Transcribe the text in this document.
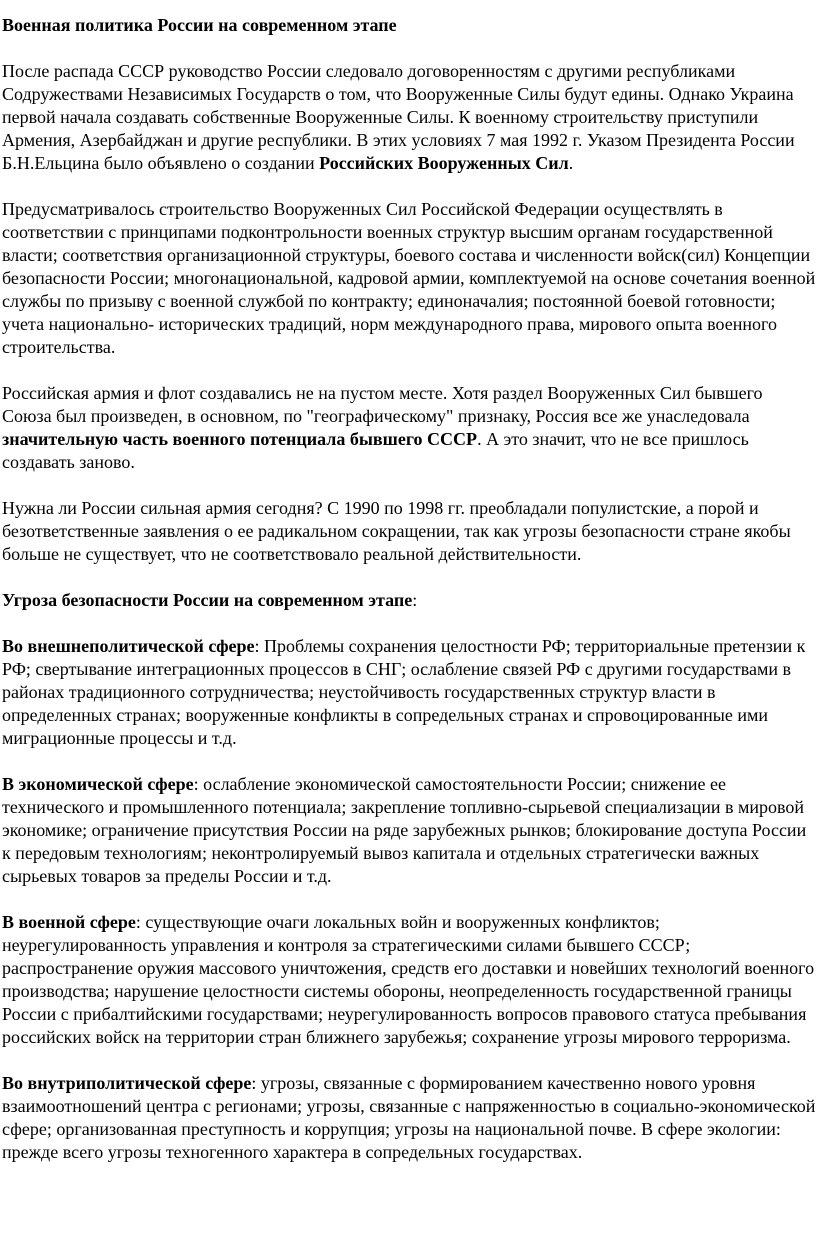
Военная политика России на современном этапе

После распада СССР руководство России следовало договоренностям с другими республиками Содружествами Независимых Государств о том, что Вооруженные Силы будут едины. Однако Украина первой начала создавать собственные Вооруженные Силы. К военному строительству приступили Армения, Азербайджан и другие республики. В этих условиях 7 мая 1992 г. Указом Президента России Б.Н.Ельцина было объявлено о создании Российских Вооруженных Сил.

Предусматривалось строительство Вооруженных Сил Российской Федерации осуществлять в соответствии с принципами подконтрольности военных структур высшим органам государственной власти; соответствия организационной структуры, боевого состава и численности войск(сил) Концепции безопасности России; многонациональной, кадровой армии, комплектуемой на основе сочетания военной службы по призыву с военной службой по контракту; единоначалия; постоянной боевой готовности; учета национально- исторических традиций, норм международного права, мирового опыта военного строительства.

Российская армия и флот создавались не на пустом месте. Хотя раздел Вооруженных Сил бывшего Союза был произведен, в основном, по "географическому" признаку, Россия все же унаследовала значительную часть военного потенциала бывшего СССР. А это значит, что не все пришлось создавать заново.

Нужна ли России сильная армия сегодня? С 1990 по 1998 гг. преобладали популистские, а порой и безответственные заявления о ее радикальном сокращении, так как угрозы безопасности стране якобы больше не существует, что не соответствовало реальной действительности.

Угроза безопасности России на современном этапе:

Во внешнеполитической сфере: Проблемы сохранения целостности РФ; территориальные претензии к РФ; свертывание интеграционных процессов в СНГ; ослабление связей РФ с другими государствами в районах традиционного сотрудничества; неустойчивость государственных структур власти в определенных странах; вооруженные конфликты в сопредельных странах и спровоцированные ими миграционные процессы и т.д.

В экономической сфере: ослабление экономической самостоятельности России; снижение ее технического и промышленного потенциала; закрепление топливно-сырьевой специализации в мировой экономике; ограничение присутствия России на ряде зарубежных рынков; блокирование доступа России к передовым технологиям; неконтролируемый вывоз капитала и отдельных стратегически важных сырьевых товаров за пределы России и т.д.

В военной сфере: существующие очаги локальных войн и вооруженных конфликтов; неурегулированность управления и контроля за стратегическими силами бывшего СССР; распространение оружия массового уничтожения, средств его доставки и новейших технологий военного производства; нарушение целостности системы обороны, неопределенность государственной границы России с прибалтийскими государствами; неурегулированность вопросов правового статуса пребывания российских войск на территории стран ближнего зарубежья; сохранение угрозы мирового терроризма.

Во внутриполитической сфере: угрозы, связанные с формированием качественно нового уровня взаимоотношений центра с регионами; угрозы, связанные с напряженностью в социально-экономической сфере; организованная преступность и коррупция; угрозы на национальной почве. В сфере экологии: прежде всего угрозы техногенного характера в сопредельных государствах.
